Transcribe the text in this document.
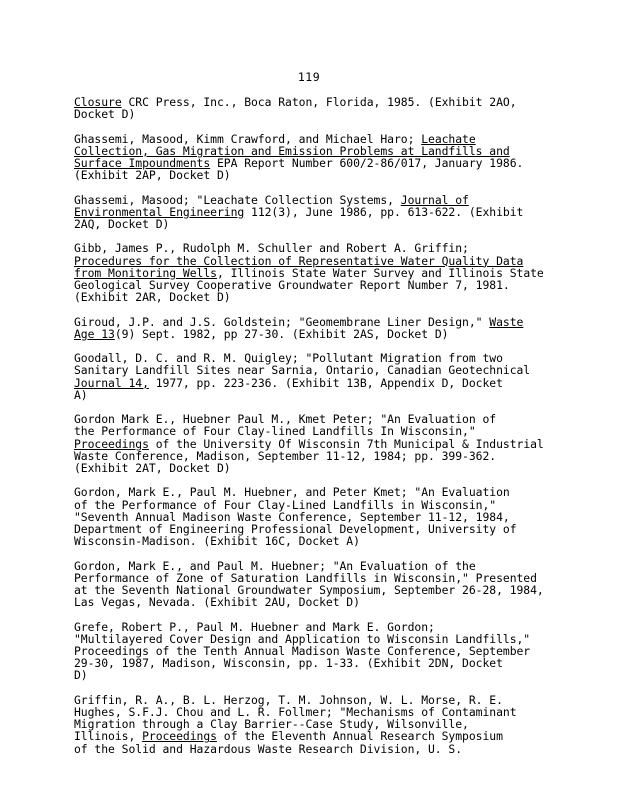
119
Closure CRC Press, Inc., Boca Raton, Florida, 1985. (Exhibit 2AO,
Docket D)
Ghassemi, Masood, Kimm Crawford, and Michael Haro; Leachate
Collection, Gas Migration and Emission Problems at Landfills and
Surface Impoundments EPA Report Number 600/2-86/017, January 1986.
(Exhibit 2AP, Docket D)
Ghassemi, Masood; "Leachate Collection Systems, Journal of
Environmental Engineering 112(3), June 1986, pp. 613-622. (Exhibit
2AQ, Docket D)
Gibb, James P., Rudolph M. Schuller and Robert A. Griffin;
Procedures for the Collection of Representative Water Quality Data
from Monitoring Wells, Illinois State Water Survey and Illinois State
Geological Survey Cooperative Groundwater Report Number 7, 1981.
(Exhibit 2AR, Docket D)
Giroud, J.P. and J.S. Goldstein; "Geomembrane Liner Design," Waste
Age 13(9) Sept. 1982, pp 27-30. (Exhibit 2AS, Docket D)
Goodall, D. C. and R. M. Quigley; "Pollutant Migration from two
Sanitary Landfill Sites near Sarnia, Ontario, Canadian Geotechnical
Journal 14, 1977, pp. 223-236. (Exhibit 13B, Appendix D, Docket
A)
Gordon Mark E., Huebner Paul M., Kmet Peter; "An Evaluation of
the Performance of Four Clay-lined Landfills In Wisconsin,"
Proceedings of the University Of Wisconsin 7th Municipal & Industrial
Waste Conference, Madison, September 11-12, 1984; pp. 399-362.
(Exhibit 2AT, Docket D)
Gordon, Mark E., Paul M. Huebner, and Peter Kmet; "An Evaluation
of the Performance of Four Clay-Lined Landfills in Wisconsin,"
"Seventh Annual Madison Waste Conference, September 11-12, 1984,
Department of Engineering Professional Development, University of
Wisconsin-Madison. (Exhibit 16C, Docket A)
Gordon, Mark E., and Paul M. Huebner; "An Evaluation of the
Performance of Zone of Saturation Landfills in Wisconsin," Presented
at the Seventh National Groundwater Symposium, September 26-28, 1984,
Las Vegas, Nevada. (Exhibit 2AU, Docket D)
Grefe, Robert P., Paul M. Huebner and Mark E. Gordon;
"Multilayered Cover Design and Application to Wisconsin Landfills,"
Proceedings of the Tenth Annual Madison Waste Conference, September
29-30, 1987, Madison, Wisconsin, pp. 1-33. (Exhibit 2DN, Docket
D)
Griffin, R. A., B. L. Herzog, T. M. Johnson, W. L. Morse, R. E.
Hughes, S.F.J. Chou and L. R. Follmer; "Mechanisms of Contaminant
Migration through a Clay Barrier--Case Study, Wilsonville,
Illinois, Proceedings of the Eleventh Annual Research Symposium
of the Solid and Hazardous Waste Research Division, U. S.
